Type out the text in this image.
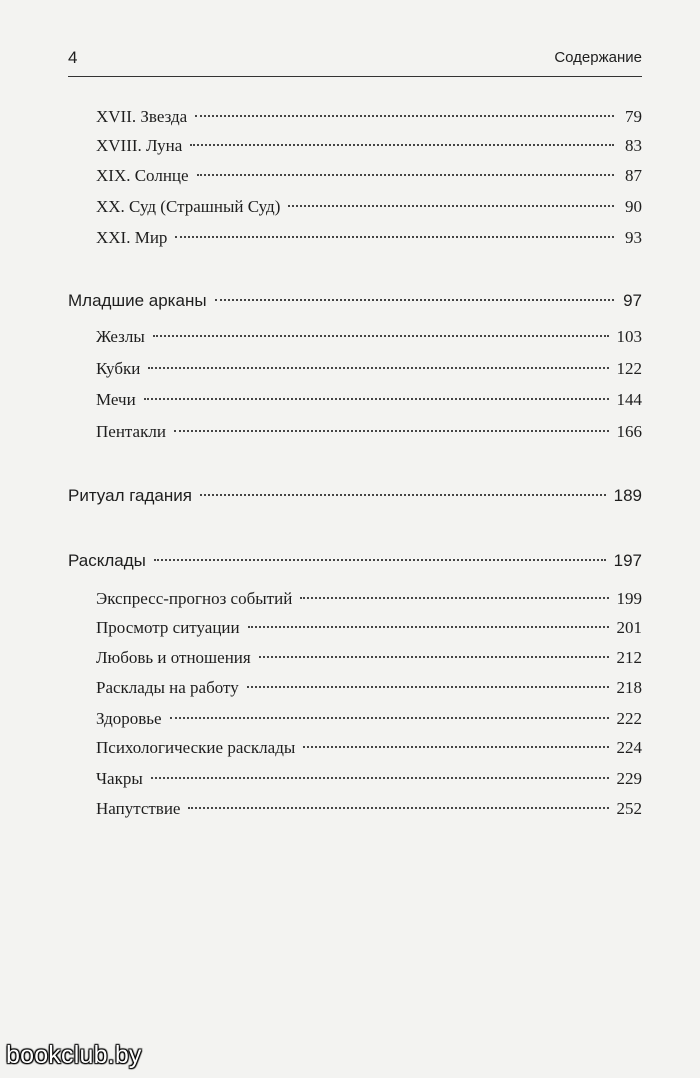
4	Содержание
XVII. Звезда	79
XVIII. Луна	83
XIX. Солнце	87
XX. Суд (Страшный Суд)	90
XXI. Мир	93
Младшие арканы	97
Жезлы	103
Кубки	122
Мечи	144
Пентакли	166
Ритуал гадания	189
Расклады	197
Экспресс-прогноз событий	199
Просмотр ситуации	201
Любовь и отношения	212
Расклады на работу	218
Здоровье	222
Психологические расклады	224
Чакры	229
Напутствие	252
bookclub.by
